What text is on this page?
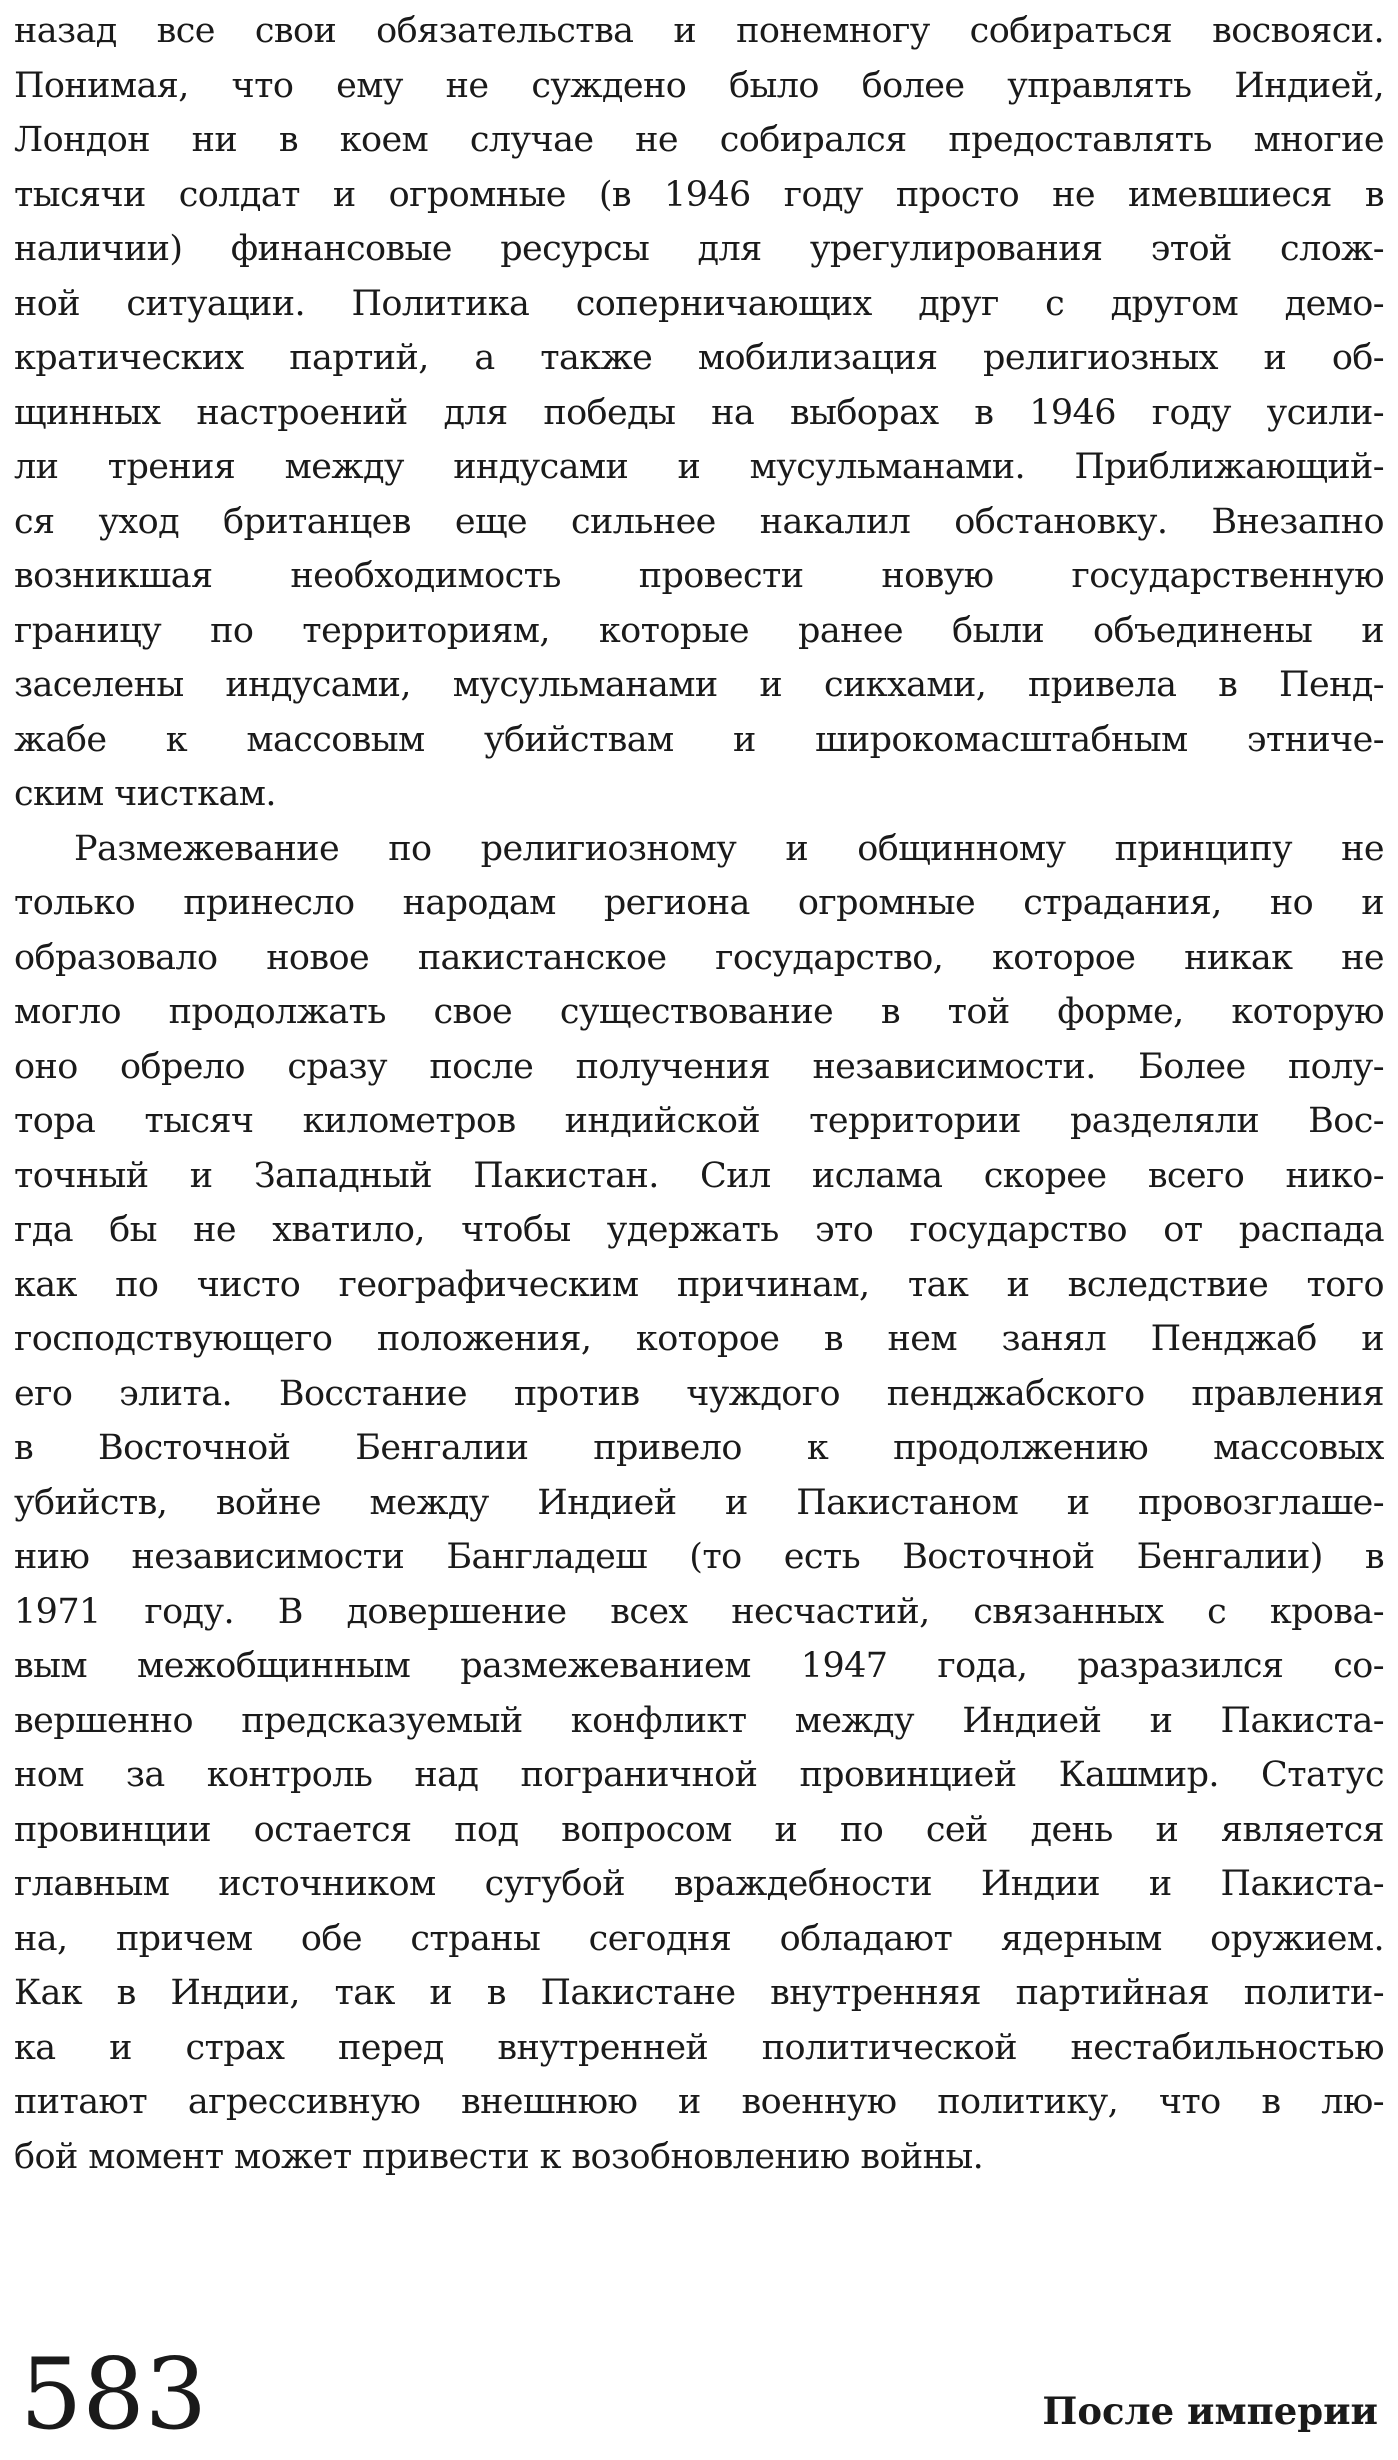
назад все свои обязательства и понемногу собираться восвояси.
Понимая, что ему не суждено было более управлять Индией,
Лондон ни в коем случае не собирался предоставлять многие
тысячи солдат и огромные (в 1946 году просто не имевшиеся в
наличии) финансовые ресурсы для урегулирования этой слож-
ной ситуации. Политика соперничающих друг с другом демо-
кратических партий, а также мобилизация религиозных и об-
щинных настроений для победы на выборах в 1946 году усили-
ли трения между индусами и мусульманами. Приближающий-
ся уход британцев еще сильнее накалил обстановку. Внезапно
возникшая необходимость провести новую государственную
границу по территориям, которые ранее были объединены и
заселены индусами, мусульманами и сикхами, привела в Пенд-
жабе к массовым убийствам и широкомасштабным этниче-
ским чисткам.
Размежевание по религиозному и общинному принципу не
только принесло народам региона огромные страдания, но и
образовало новое пакистанское государство, которое никак не
могло продолжать свое существование в той форме, которую
оно обрело сразу после получения независимости. Более полу-
тора тысяч километров индийской территории разделяли Вос-
точный и Западный Пакистан. Сил ислама скорее всего нико-
гда бы не хватило, чтобы удержать это государство от распада
как по чисто географическим причинам, так и вследствие того
господствующего положения, которое в нем занял Пенджаб и
его элита. Восстание против чуждого пенджабского правления
в Восточной Бенгалии привело к продолжению массовых
убийств, войне между Индией и Пакистаном и провозглаше-
нию независимости Бангладеш (то есть Восточной Бенгалии) в
1971 году. В довершение всех несчастий, связанных с крова-
вым межобщинным размежеванием 1947 года, разразился со-
вершенно предсказуемый конфликт между Индией и Пакиста-
ном за контроль над пограничной провинцией Кашмир. Статус
провинции остается под вопросом и по сей день и является
главным источником сугубой враждебности Индии и Пакиста-
на, причем обе страны сегодня обладают ядерным оружием.
Как в Индии, так и в Пакистане внутренняя партийная полити-
ка и страх перед внутренней политической нестабильностью
питают агрессивную внешнюю и военную политику, что в лю-
бой момент может привести к возобновлению войны.
583	После империи
